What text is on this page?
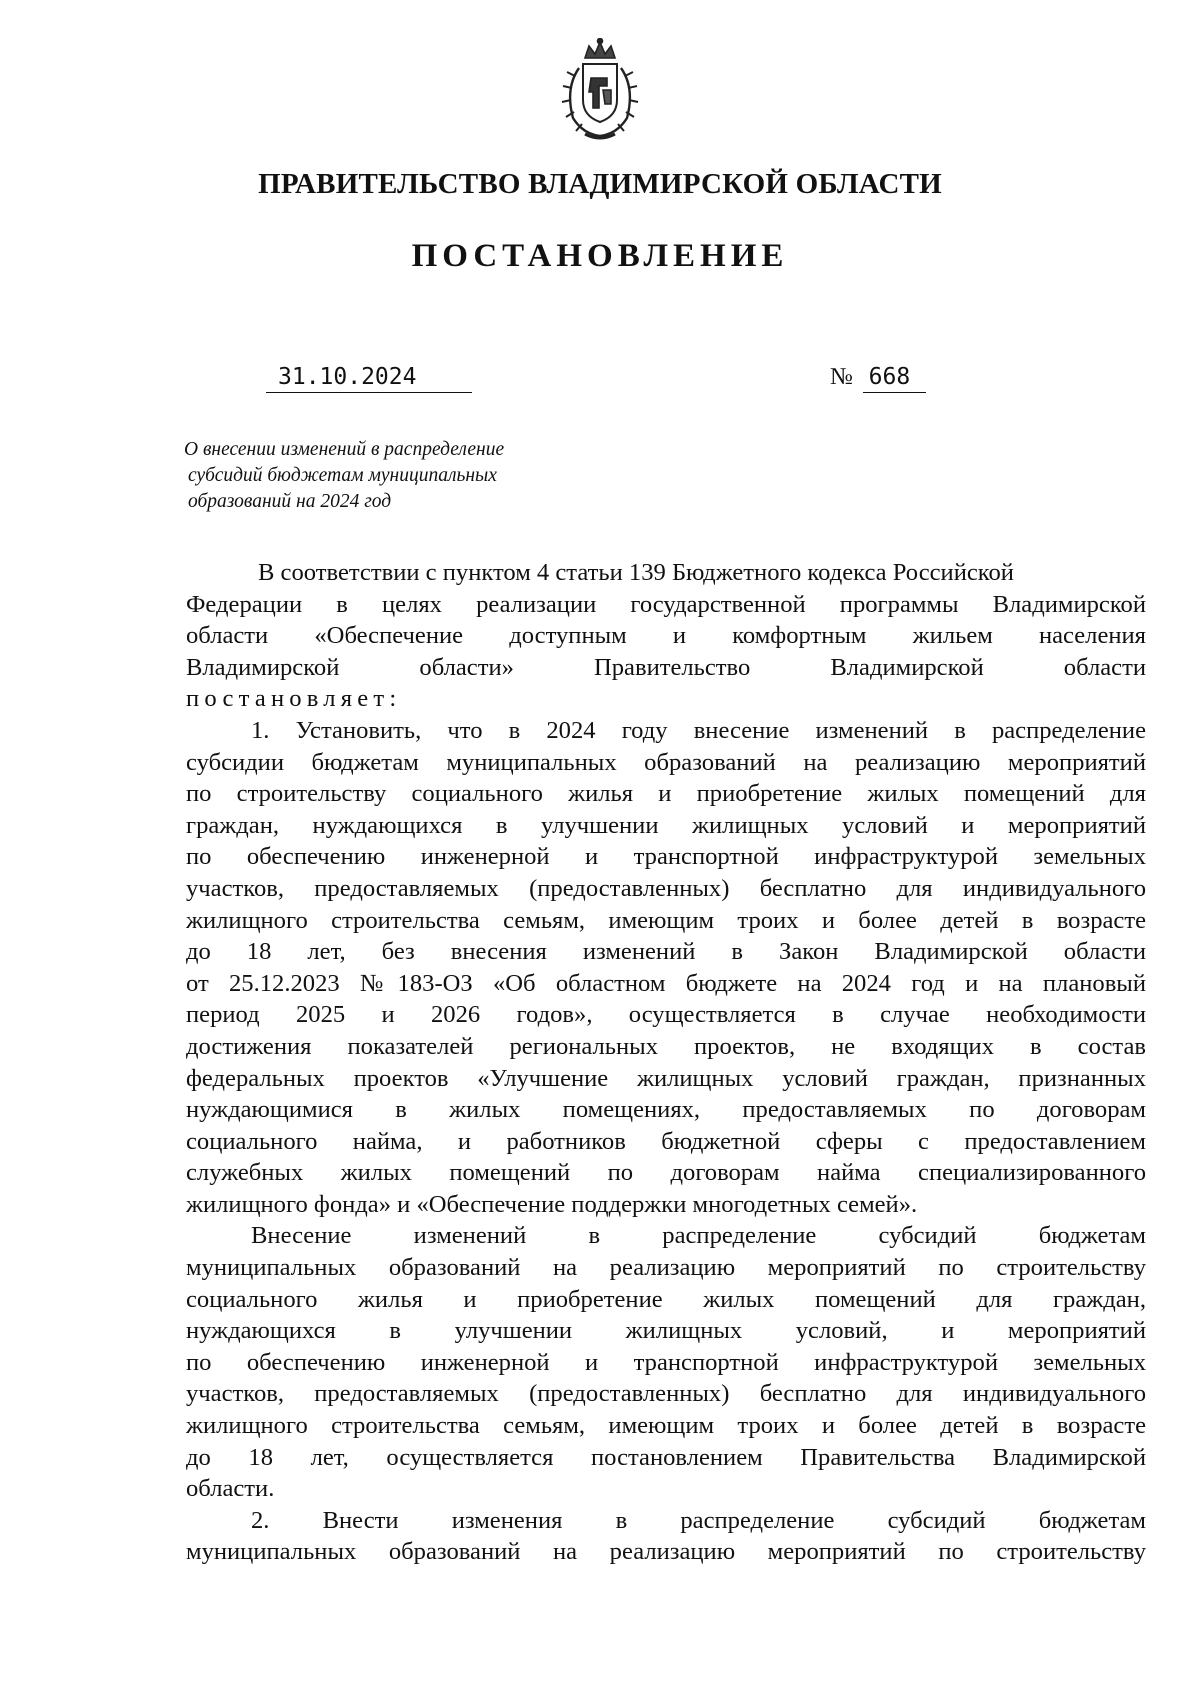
ПРАВИТЕЛЬСТВО ВЛАДИМИРСКОЙ ОБЛАСТИ
ПОСТАНОВЛЕНИЕ
31.10.2024	№ 668
О внесении изменений в распределение
субсидий бюджетам муниципальных
образований на 2024 год
В соответствии с пунктом 4 статьи 139 Бюджетного кодекса Российской
Федерации в целях реализации государственной программы Владимирской
области «Обеспечение доступным и комфортным жильем населения
Владимирской области» Правительство Владимирской области
постановляет:
1. Установить, что в 2024 году внесение изменений в распределение
субсидии бюджетам муниципальных образований на реализацию мероприятий
по строительству социального жилья и приобретение жилых помещений для
граждан, нуждающихся в улучшении жилищных условий и мероприятий
по обеспечению инженерной и транспортной инфраструктурой земельных
участков, предоставляемых (предоставленных) бесплатно для индивидуального
жилищного строительства семьям, имеющим троих и более детей в возрасте
до 18 лет, без внесения изменений в Закон Владимирской области
от 25.12.2023 №183-ОЗ «Об областном бюджете на 2024 год и на плановый
период 2025 и 2026 годов», осуществляется в случае необходимости
достижения показателей региональных проектов, не входящих в состав
федеральных проектов «Улучшение жилищных условий граждан, признанных
нуждающимися в жилых помещениях, предоставляемых по договорам
социального найма, и работников бюджетной сферы с предоставлением
служебных жилых помещений по договорам найма специализированного
жилищного фонда» и «Обеспечение поддержки многодетных семей».
Внесение изменений в распределение субсидий бюджетам
муниципальных образований на реализацию мероприятий по строительству
социального жилья и приобретение жилых помещений для граждан,
нуждающихся в улучшении жилищных условий, и мероприятий
по обеспечению инженерной и транспортной инфраструктурой земельных
участков, предоставляемых (предоставленных) бесплатно для индивидуального
жилищного строительства семьям, имеющим троих и более детей в возрасте
до 18 лет, осуществляется постановлением Правительства Владимирской
области.
2. Внести изменения в распределение субсидий бюджетам
муниципальных образований на реализацию мероприятий по строительству
